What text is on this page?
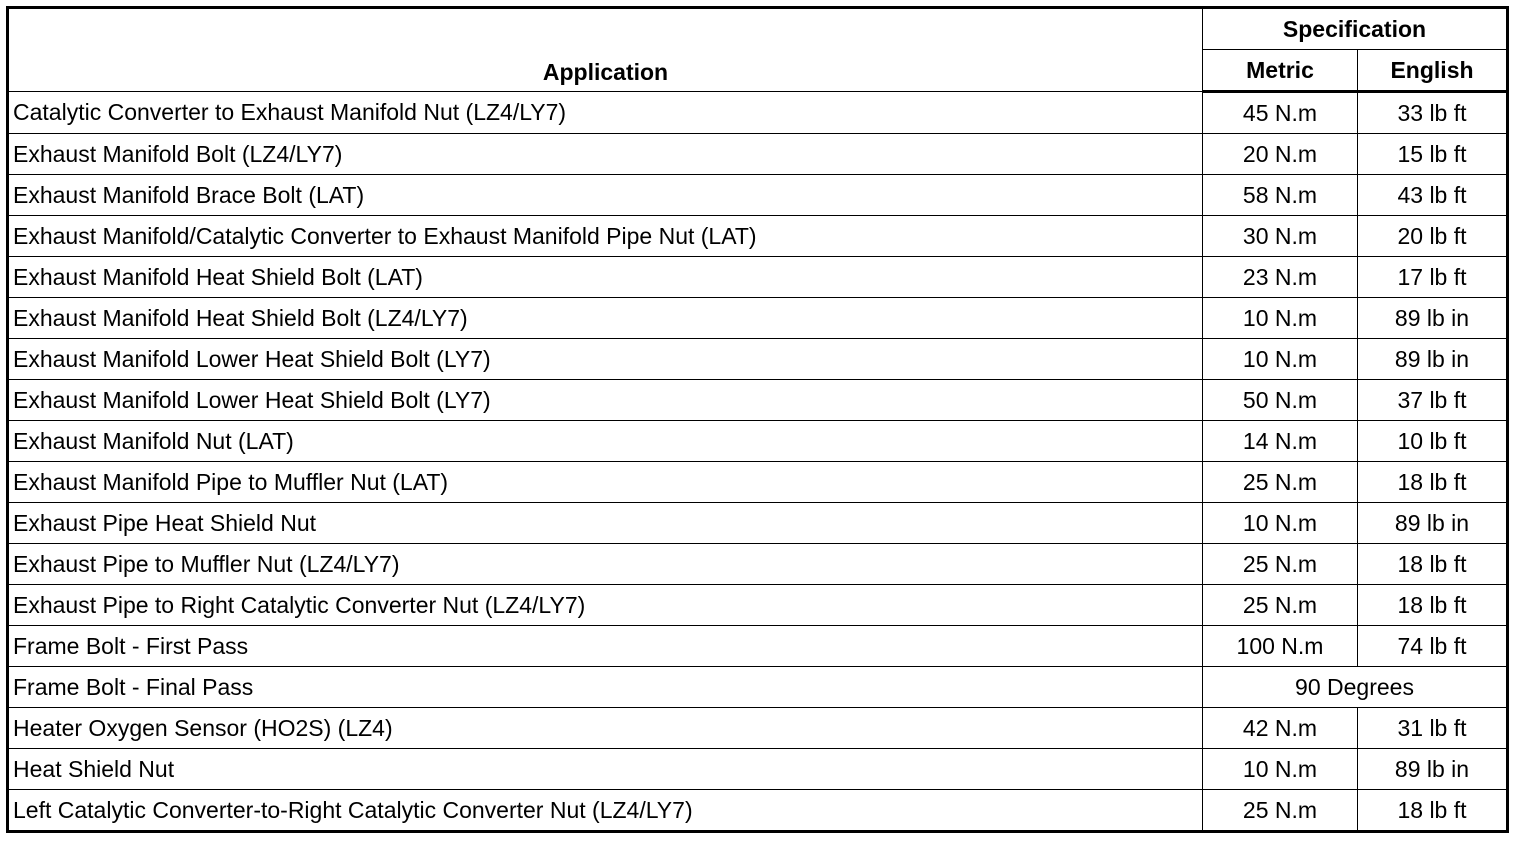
Application	Specification	
	Metric	English
Catalytic Converter to Exhaust Manifold Nut (LZ4/LY7)	45 N.m	33 lb ft
Exhaust Manifold Bolt (LZ4/LY7)	20 N.m	15 lb ft
Exhaust Manifold Brace Bolt (LAT)	58 N.m	43 lb ft
Exhaust Manifold/Catalytic Converter to Exhaust Manifold Pipe Nut (LAT)	30 N.m	20 lb ft
Exhaust Manifold Heat Shield Bolt (LAT)	23 N.m	17 lb ft
Exhaust Manifold Heat Shield Bolt (LZ4/LY7)	10 N.m	89 lb in
Exhaust Manifold Lower Heat Shield Bolt (LY7)	10 N.m	89 lb in
Exhaust Manifold Lower Heat Shield Bolt (LY7)	50 N.m	37 lb ft
Exhaust Manifold Nut (LAT)	14 N.m	10 lb ft
Exhaust Manifold Pipe to Muffler Nut (LAT)	25 N.m	18 lb ft
Exhaust Pipe Heat Shield Nut	10 N.m	89 lb in
Exhaust Pipe to Muffler Nut (LZ4/LY7)	25 N.m	18 lb ft
Exhaust Pipe to Right Catalytic Converter Nut (LZ4/LY7)	25 N.m	18 lb ft
Frame Bolt - First Pass	100 N.m	74 lb ft
Frame Bolt - Final Pass	90 Degrees	
Heater Oxygen Sensor (HO2S) (LZ4)	42 N.m	31 lb ft
Heat Shield Nut	10 N.m	89 lb in
Left Catalytic Converter-to-Right Catalytic Converter Nut (LZ4/LY7)	25 N.m	18 lb ft
